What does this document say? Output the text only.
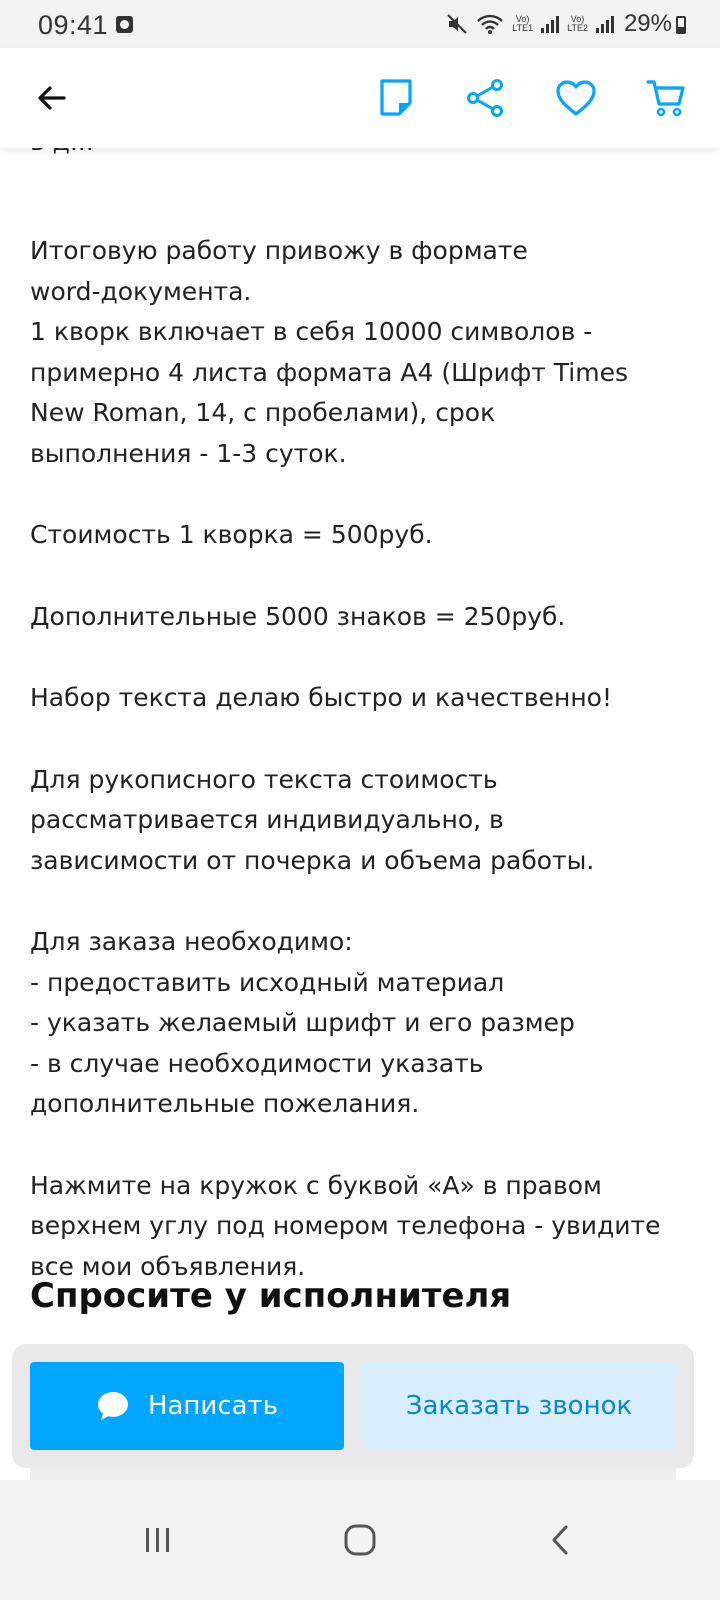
09:41	Vo)
LTE1
Vo)
LTE2 29%
Итоговую работу привожу в формате
word-документа.
1 кворк включает в себя 10000 символов -
примерно 4 листа формата А4 (Шрифт Times
New Roman, 14, с пробелами), срок
выполнения - 1-3 суток.
Стоимость 1 кворка = 500руб.
Дополнительные 5000 знаков = 250руб.
Набор текста делаю быстро и качественно!
Для рукописного текста стоимость
рассматривается индивидуально, в
зависимости от почерка и объема работы.
Для заказа необходимо:
- предоставить исходный материал
- указать желаемый шрифт и его размер
- в случае необходимости указать
дополнительные пожелания.
Нажмите на кружок с буквой «А» в правом
верхнем углу под номером телефона - увидите
все мои объявления.
Спросите у исполнителя
Написать	Заказать звонок
